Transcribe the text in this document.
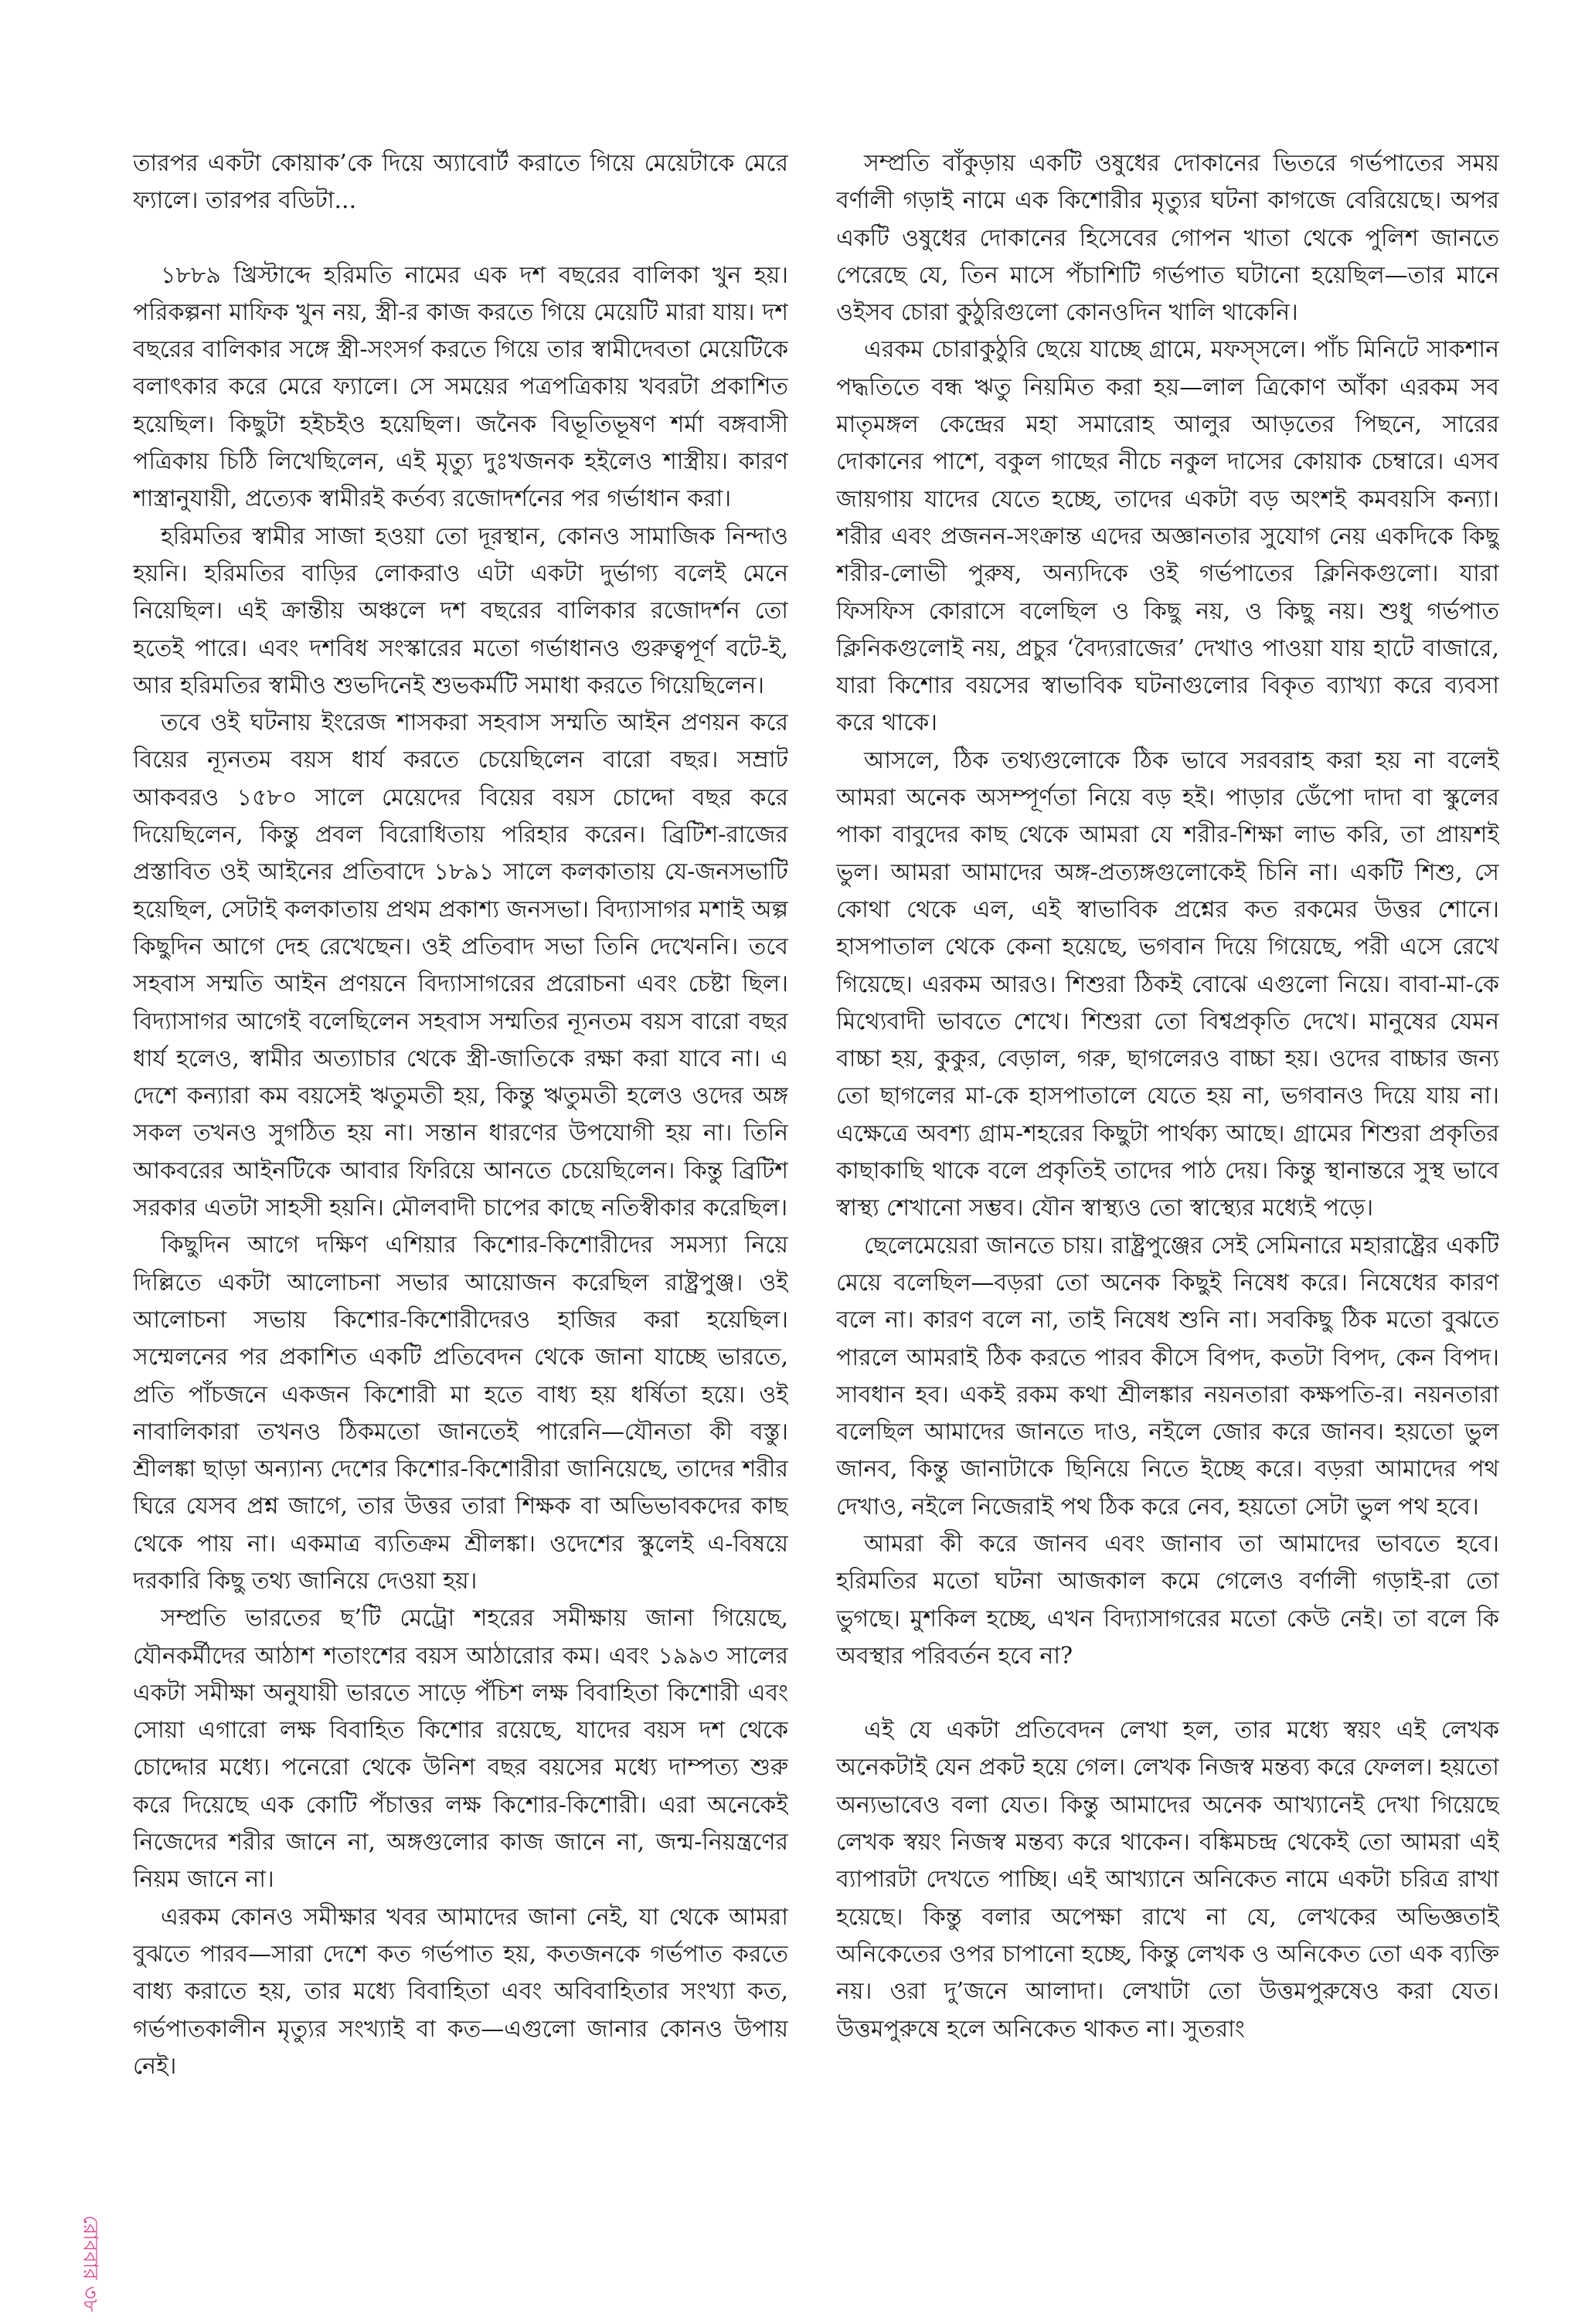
তারপর একটা কোয়াক’কে দিয়ে অ্যাবোর্ট করাতে গিয়ে মেয়েটাকে মেরে ফ্যালে। তারপর বডিটা...

১৮৮৯ খ্রিস্টাব্দে হরিমতি নামের এক দশ বছরের বালিকা খুন হয়। পরিকল্পনা মাফিক খুন নয়, স্ত্রী-র কাজ করতে গিয়ে মেয়েটি মারা যায়। দশ বছরের বালিকার সঙ্গে স্ত্রী-সংসর্গ করতে গিয়ে তার স্বামীদেবতা মেয়েটিকে বলাৎকার করে মেরে ফ্যালে। সে সময়ের পত্রপত্রিকায় খবরটা প্রকাশিত হয়েছিল। কিছুটা হইচইও হয়েছিল। জনৈক বিভূতিভূষণ শর্মা বঙ্গবাসী পত্রিকায় চিঠি লিখেছিলেন, এই মৃত্যু দুঃখজনক হইলেও শাস্ত্রীয়। কারণ শাস্ত্রানুযায়ী, প্রত্যেক স্বামীরই কর্তব্য রজোদর্শনের পর গর্ভাধান করা।

হরিমতির স্বামীর সাজা হওয়া তো দূরস্থান, কোনও সামাজিক নিন্দাও হয়নি। হরিমতির বাড়ির লোকরাও এটা একটা দুর্ভাগ্য বলেই মেনে নিয়েছিল। এই ক্রান্তীয় অঞ্চলে দশ বছরের বালিকার রজোদর্শন তো হতেই পারে। এবং দশবিধ সংস্কারের মতো গর্ভাধানও গুরুত্বপূর্ণ বটে-ই, আর হরিমতির স্বামীও শুভদিনেই শুভকর্মটি সমাধা করতে গিয়েছিলেন।

তবে ওই ঘটনায় ইংরেজ শাসকরা সহবাস সম্মতি আইন প্রণয়ন করে বিয়ের ন্যূনতম বয়স ধার্য করতে চেয়েছিলেন বারো বছর। সম্রাট আকবরও ১৫৮০ সালে মেয়েদের বিয়ের বয়স চোদ্দো বছর করে দিয়েছিলেন, কিন্তু প্রবল বিরোধিতায় পরিহার করেন। ব্রিটিশ-রাজের প্রস্তাবিত ওই আইনের প্রতিবাদে ১৮৯১ সালে কলকাতায় যে-জনসভাটি হয়েছিল, সেটাই কলকাতায় প্রথম প্রকাশ্য জনসভা। বিদ্যাসাগর মশাই অল্প কিছুদিন আগে দেহ রেখেছেন। ওই প্রতিবাদ সভা তিনি দেখেননি। তবে সহবাস সম্মতি আইন প্রণয়নে বিদ্যাসাগরের প্ররোচনা এবং চেষ্টা ছিল। বিদ্যাসাগর আগেই বলেছিলেন সহবাস সম্মতির ন্যূনতম বয়স বারো বছর ধার্য হলেও, স্বামীর অত্যাচার থেকে স্ত্রী-জাতিকে রক্ষা করা যাবে না। এ দেশে কন্যারা কম বয়সেই ঋতুমতী হয়, কিন্তু ঋতুমতী হলেও ওদের অঙ্গ সকল তখনও সুগঠিত হয় না। সন্তান ধারণের উপযোগী হয় না। তিনি আকবরের আইনটিকে আবার ফিরিয়ে আনতে চেয়েছিলেন। কিন্তু ব্রিটিশ সরকার এতটা সাহসী হয়নি। মৌলবাদী চাপের কাছে নতিস্বীকার করেছিল।

কিছুদিন আগে দক্ষিণ এশিয়ার কিশোর-কিশোরীদের সমস্যা নিয়ে দিল্লিতে একটা আলোচনা সভার আয়োজন করেছিল রাষ্ট্রপুঞ্জ। ওই আলোচনা সভায় কিশোর-কিশোরীদেরও হাজির করা হয়েছিল। সম্মেলনের পর প্রকাশিত একটি প্রতিবেদন থেকে জানা যাচ্ছে ভারতে, প্রতি পাঁচজনে একজন কিশোরী মা হতে বাধ্য হয় ধর্ষিতা হয়ে। ওই নাবালিকারা তখনও ঠিকমতো জানতেই পারেনি—যৌনতা কী বস্তু। শ্রীলঙ্কা ছাড়া অন্যান্য দেশের কিশোর-কিশোরীরা জানিয়েছে, তাদের শরীর ঘিরে যেসব প্রশ্ন জাগে, তার উত্তর তারা শিক্ষক বা অভিভাবকদের কাছ থেকে পায় না। একমাত্র ব্যতিক্রম শ্রীলঙ্কা। ওদেশের স্কুলেই এ-বিষয়ে দরকারি কিছু তথ্য জানিয়ে দেওয়া হয়।

সম্প্রতি ভারতের ছ’টি মেট্রো শহরের সমীক্ষায় জানা গিয়েছে, যৌনকর্মীদের আঠাশ শতাংশের বয়স আঠারোর কম। এবং ১৯৯৩ সালের একটা সমীক্ষা অনুযায়ী ভারতে সাড়ে পঁচিশ লক্ষ বিবাহিতা কিশোরী এবং সোয়া এগারো লক্ষ বিবাহিত কিশোর রয়েছে, যাদের বয়স দশ থেকে চোদ্দোর মধ্যে। পনেরো থেকে উনিশ বছর বয়সের মধ্যে দাম্পত্য শুরু করে দিয়েছে এক কোটি পঁচাত্তর লক্ষ কিশোর-কিশোরী। এরা অনেকেই নিজেদের শরীর জানে না, অঙ্গগুলোর কাজ জানে না, জন্ম-নিয়ন্ত্রণের নিয়ম জানে না।

এরকম কোনও সমীক্ষার খবর আমাদের জানা নেই, যা থেকে আমরা বুঝতে পারব—সারা দেশে কত গর্ভপাত হয়, কতজনকে গর্ভপাত করতে বাধ্য করাতে হয়, তার মধ্যে বিবাহিতা এবং অবিবাহিতার সংখ্যা কত, গর্ভপাতকালীন মৃত্যুর সংখ্যাই বা কত—এগুলো জানার কোনও উপায় নেই।

সম্প্রতি বাঁকুড়ায় একটি ওষুধের দোকানের ভিতরে গর্ভপাতের সময় বর্ণালী গড়াই নামে এক কিশোরীর মৃত্যুর ঘটনা কাগজে বেরিয়েছে। অপর একটি ওষুধের দোকানের হিসেবের গোপন খাতা থেকে পুলিশ জানতে পেরেছে যে, তিন মাসে পঁচাশিটি গর্ভপাত ঘটানো হয়েছিল—তার মানে ওইসব চোরা কুঠুরিগুলো কোনওদিন খালি থাকেনি।

এরকম চোরাকুঠুরি ছেয়ে যাচ্ছে গ্রামে, মফস্সলে। পাঁচ মিনিটে সাকশান পদ্ধতিতে বন্ধ ঋতু নিয়মিত করা হয়—লাল ত্রিকোণ আঁকা এরকম সব মাতৃমঙ্গল কেন্দ্রের মহা সমারোহ আলুর আড়তের পিছনে, সারের দোকানের পাশে, বকুল গাছের নীচে নকুল দাসের কোয়াক চেম্বারে। এসব জায়গায় যাদের যেতে হচ্ছে, তাদের একটা বড় অংশই কমবয়সি কন্যা। শরীর এবং প্রজনন-সংক্রান্ত এদের অজ্ঞানতার সুযোগ নেয় একদিকে কিছু শরীর-লোভী পুরুষ, অন্যদিকে ওই গর্ভপাতের ক্লিনিকগুলো। যারা ফিসফিস কোরাসে বলেছিল ও কিছু নয়, ও কিছু নয়। শুধু গর্ভপাত ক্লিনিকগুলোই নয়, প্রচুর ‘বৈদ্যরাজের’ দেখাও পাওয়া যায় হাটে বাজারে, যারা কিশোর বয়সের স্বাভাবিক ঘটনাগুলোর বিকৃত ব্যাখ্যা করে ব্যবসা করে থাকে।

আসলে, ঠিক তথ্যগুলোকে ঠিক ভাবে সরবরাহ করা হয় না বলেই আমরা অনেক অসম্পূর্ণতা নিয়ে বড় হই। পাড়ার ডেঁপো দাদা বা স্কুলের পাকা বাবুদের কাছ থেকে আমরা যে শরীর-শিক্ষা লাভ করি, তা প্রায়শই ভুল। আমরা আমাদের অঙ্গ-প্রত্যঙ্গগুলোকেই চিনি না। একটি শিশু, সে কোথা থেকে এল, এই স্বাভাবিক প্রশ্নের কত রকমের উত্তর শোনে। হাসপাতাল থেকে কেনা হয়েছে, ভগবান দিয়ে গিয়েছে, পরী এসে রেখে গিয়েছে। এরকম আরও। শিশুরা ঠিকই বোঝে এগুলো নিয়ে। বাবা-মা-কে মিথ্যেবাদী ভাবতে শেখে। শিশুরা তো বিশ্বপ্রকৃতি দেখে। মানুষের যেমন বাচ্চা হয়, কুকুর, বেড়াল, গরু, ছাগলেরও বাচ্চা হয়। ওদের বাচ্চার জন্য তো ছাগলের মা-কে হাসপাতালে যেতে হয় না, ভগবানও দিয়ে যায় না। এক্ষেত্রে অবশ্য গ্রাম-শহরের কিছুটা পার্থক্য আছে। গ্রামের শিশুরা প্রকৃতির কাছাকাছি থাকে বলে প্রকৃতিই তাদের পাঠ দেয়। কিন্তু স্থানান্তরে সুস্থ ভাবে স্বাস্থ্য শেখানো সম্ভব। যৌন স্বাস্থ্যও তো স্বাস্থ্যের মধ্যেই পড়ে।

ছেলেমেয়েরা জানতে চায়। রাষ্ট্রপুঞ্জের সেই সেমিনারে মহারাষ্ট্রের একটি মেয়ে বলেছিল—বড়রা তো অনেক কিছুই নিষেধ করে। নিষেধের কারণ বলে না। কারণ বলে না, তাই নিষেধ শুনি না। সবকিছু ঠিক মতো বুঝতে পারলে আমরাই ঠিক করতে পারব কীসে বিপদ, কতটা বিপদ, কেন বিপদ। সাবধান হব। একই রকম কথা শ্রীলঙ্কার নয়নতারা কক্ষপতি-র। নয়নতারা বলেছিল আমাদের জানতে দাও, নইলে জোর করে জানব। হয়তো ভুল জানব, কিন্তু জানাটাকে ছিনিয়ে নিতে ইচ্ছে করে। বড়রা আমাদের পথ দেখাও, নইলে নিজেরাই পথ ঠিক করে নেব, হয়তো সেটা ভুল পথ হবে।

আমরা কী করে জানব এবং জানাব তা আমাদের ভাবতে হবে। হরিমতির মতো ঘটনা আজকাল কমে গেলেও বর্ণালী গড়াই-রা তো ভুগছে। মুশকিল হচ্ছে, এখন বিদ্যাসাগরের মতো কেউ নেই। তা বলে কি অবস্থার পরিবর্তন হবে না?

এই যে একটা প্রতিবেদন লেখা হল, তার মধ্যে স্বয়ং এই লেখক অনেকটাই যেন প্রকট হয়ে গেল। লেখক নিজস্ব মন্তব্য করে ফেলল। হয়তো অন্যভাবেও বলা যেত। কিন্তু আমাদের অনেক আখ্যানেই দেখা গিয়েছে লেখক স্বয়ং নিজস্ব মন্তব্য করে থাকেন। বঙ্কিমচন্দ্র থেকেই তো আমরা এই ব্যাপারটা দেখতে পাচ্ছি। এই আখ্যানে অনিকেত নামে একটা চরিত্র রাখা হয়েছে। কিন্তু বলার অপেক্ষা রাখে না যে, লেখকের অভিজ্ঞতাই অনিকেতের ওপর চাপানো হচ্ছে, কিন্তু লেখক ও অনিকেত তো এক ব্যক্তি নয়। ওরা দু’জনে আলাদা। লেখাটা তো উত্তমপুরুষেও করা যেত। উত্তমপুরুষে হলে অনিকেত থাকত না। সুতরাং

রোববার ৩৮
